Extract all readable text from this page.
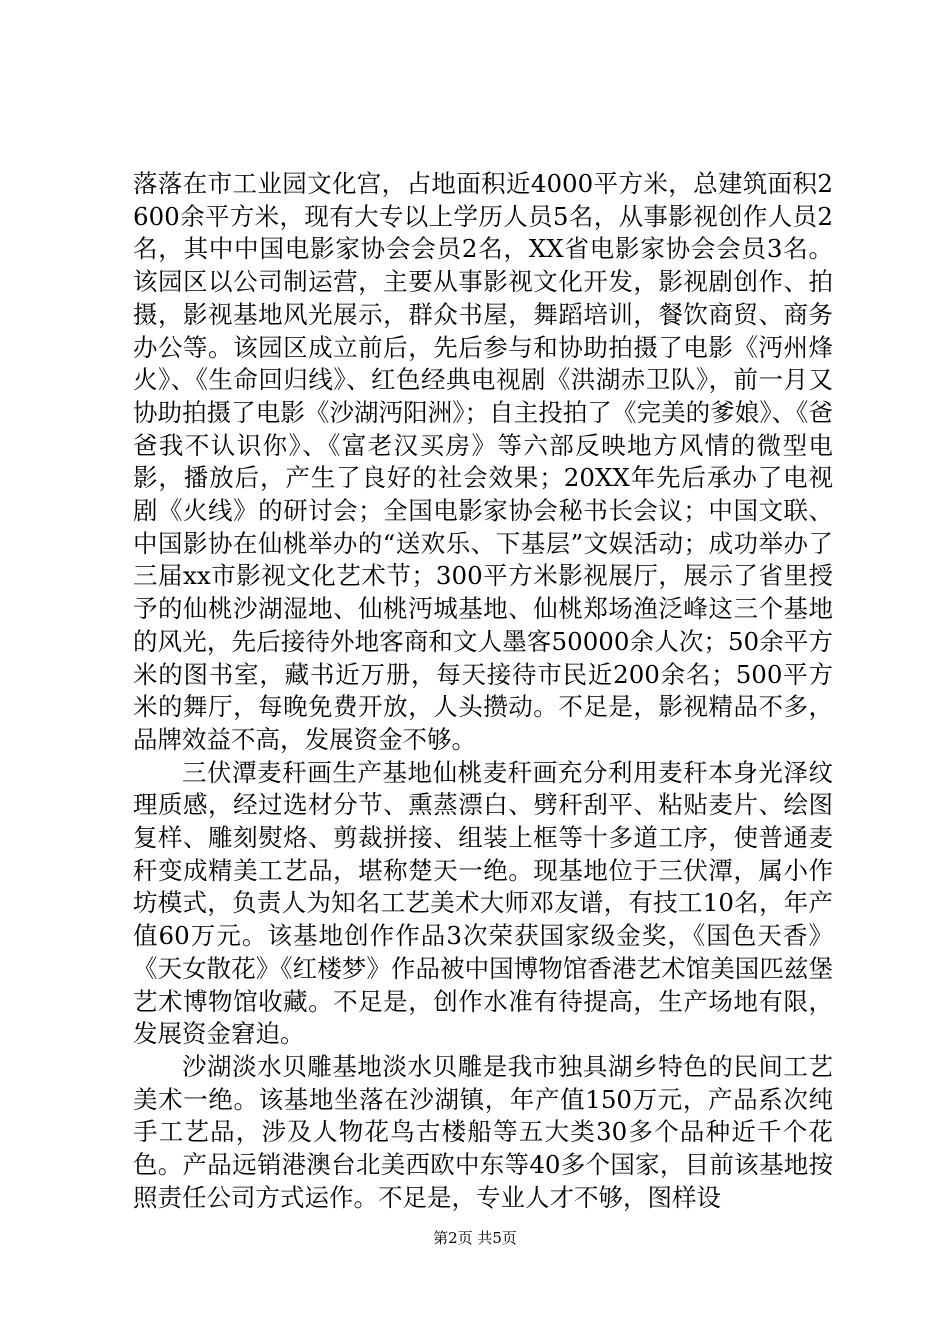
落落在市工业园文化宫，占地面积近4000平方米，总建筑面积2600余平方米，现有大专以上学历人员5名，从事影视创作人员2名，其中中国电影家协会会员2名，XX省电影家协会会员3名。该园区以公司制运营，主要从事影视文化开发，影视剧创作、拍摄，影视基地风光展示，群众书屋，舞蹈培训，餐饮商贸、商务办公等。该园区成立前后，先后参与和协助拍摄了电影《沔州烽火》、《生命回归线》、红色经典电视剧《洪湖赤卫队》，前一月又协助拍摄了电影《沙湖沔阳洲》；自主投拍了《完美的爹娘》、《爸爸我不认识你》、《富老汉买房》等六部反映地方风情的微型电影，播放后，产生了良好的社会效果；20XX年先后承办了电视剧《火线》的研讨会；全国电影家协会秘书长会议；中国文联、中国影协在仙桃举办的“送欢乐、下基层”文娱活动；成功举办了三届xx市影视文化艺术节；300平方米影视展厅，展示了省里授予的仙桃沙湖湿地、仙桃沔城基地、仙桃郑场渔泛峰这三个基地的风光，先后接待外地客商和文人墨客50000余人次；50余平方米的图书室，藏书近万册，每天接待市民近200余名；500平方米的舞厅，每晚免费开放，人头攒动。不足是，影视精品不多，品牌效益不高，发展资金不够。

三伏潭麦秆画生产基地仙桃麦秆画充分利用麦秆本身光泽纹理质感，经过选材分节、熏蒸漂白、劈秆刮平、粘贴麦片、绘图复样、雕刻熨烙、剪裁拼接、组装上框等十多道工序，使普通麦秆变成精美工艺品，堪称楚天一绝。现基地位于三伏潭，属小作坊模式，负责人为知名工艺美术大师邓友谱，有技工10名，年产值60万元。该基地创作作品3次荣获国家级金奖，《国色天香》《天女散花》《红楼梦》作品被中国博物馆香港艺术馆美国匹兹堡艺术博物馆收藏。不足是，创作水准有待提高，生产场地有限，发展资金窘迫。

沙湖淡水贝雕基地淡水贝雕是我市独具湖乡特色的民间工艺美术一绝。该基地坐落在沙湖镇，年产值150万元，产品系次纯手工艺品，涉及人物花鸟古楼船等五大类30多个品种近千个花色。产品远销港澳台北美西欧中东等40多个国家，目前该基地按照责任公司方式运作。不足是，专业人才不够，图样设

第2页 共5页
